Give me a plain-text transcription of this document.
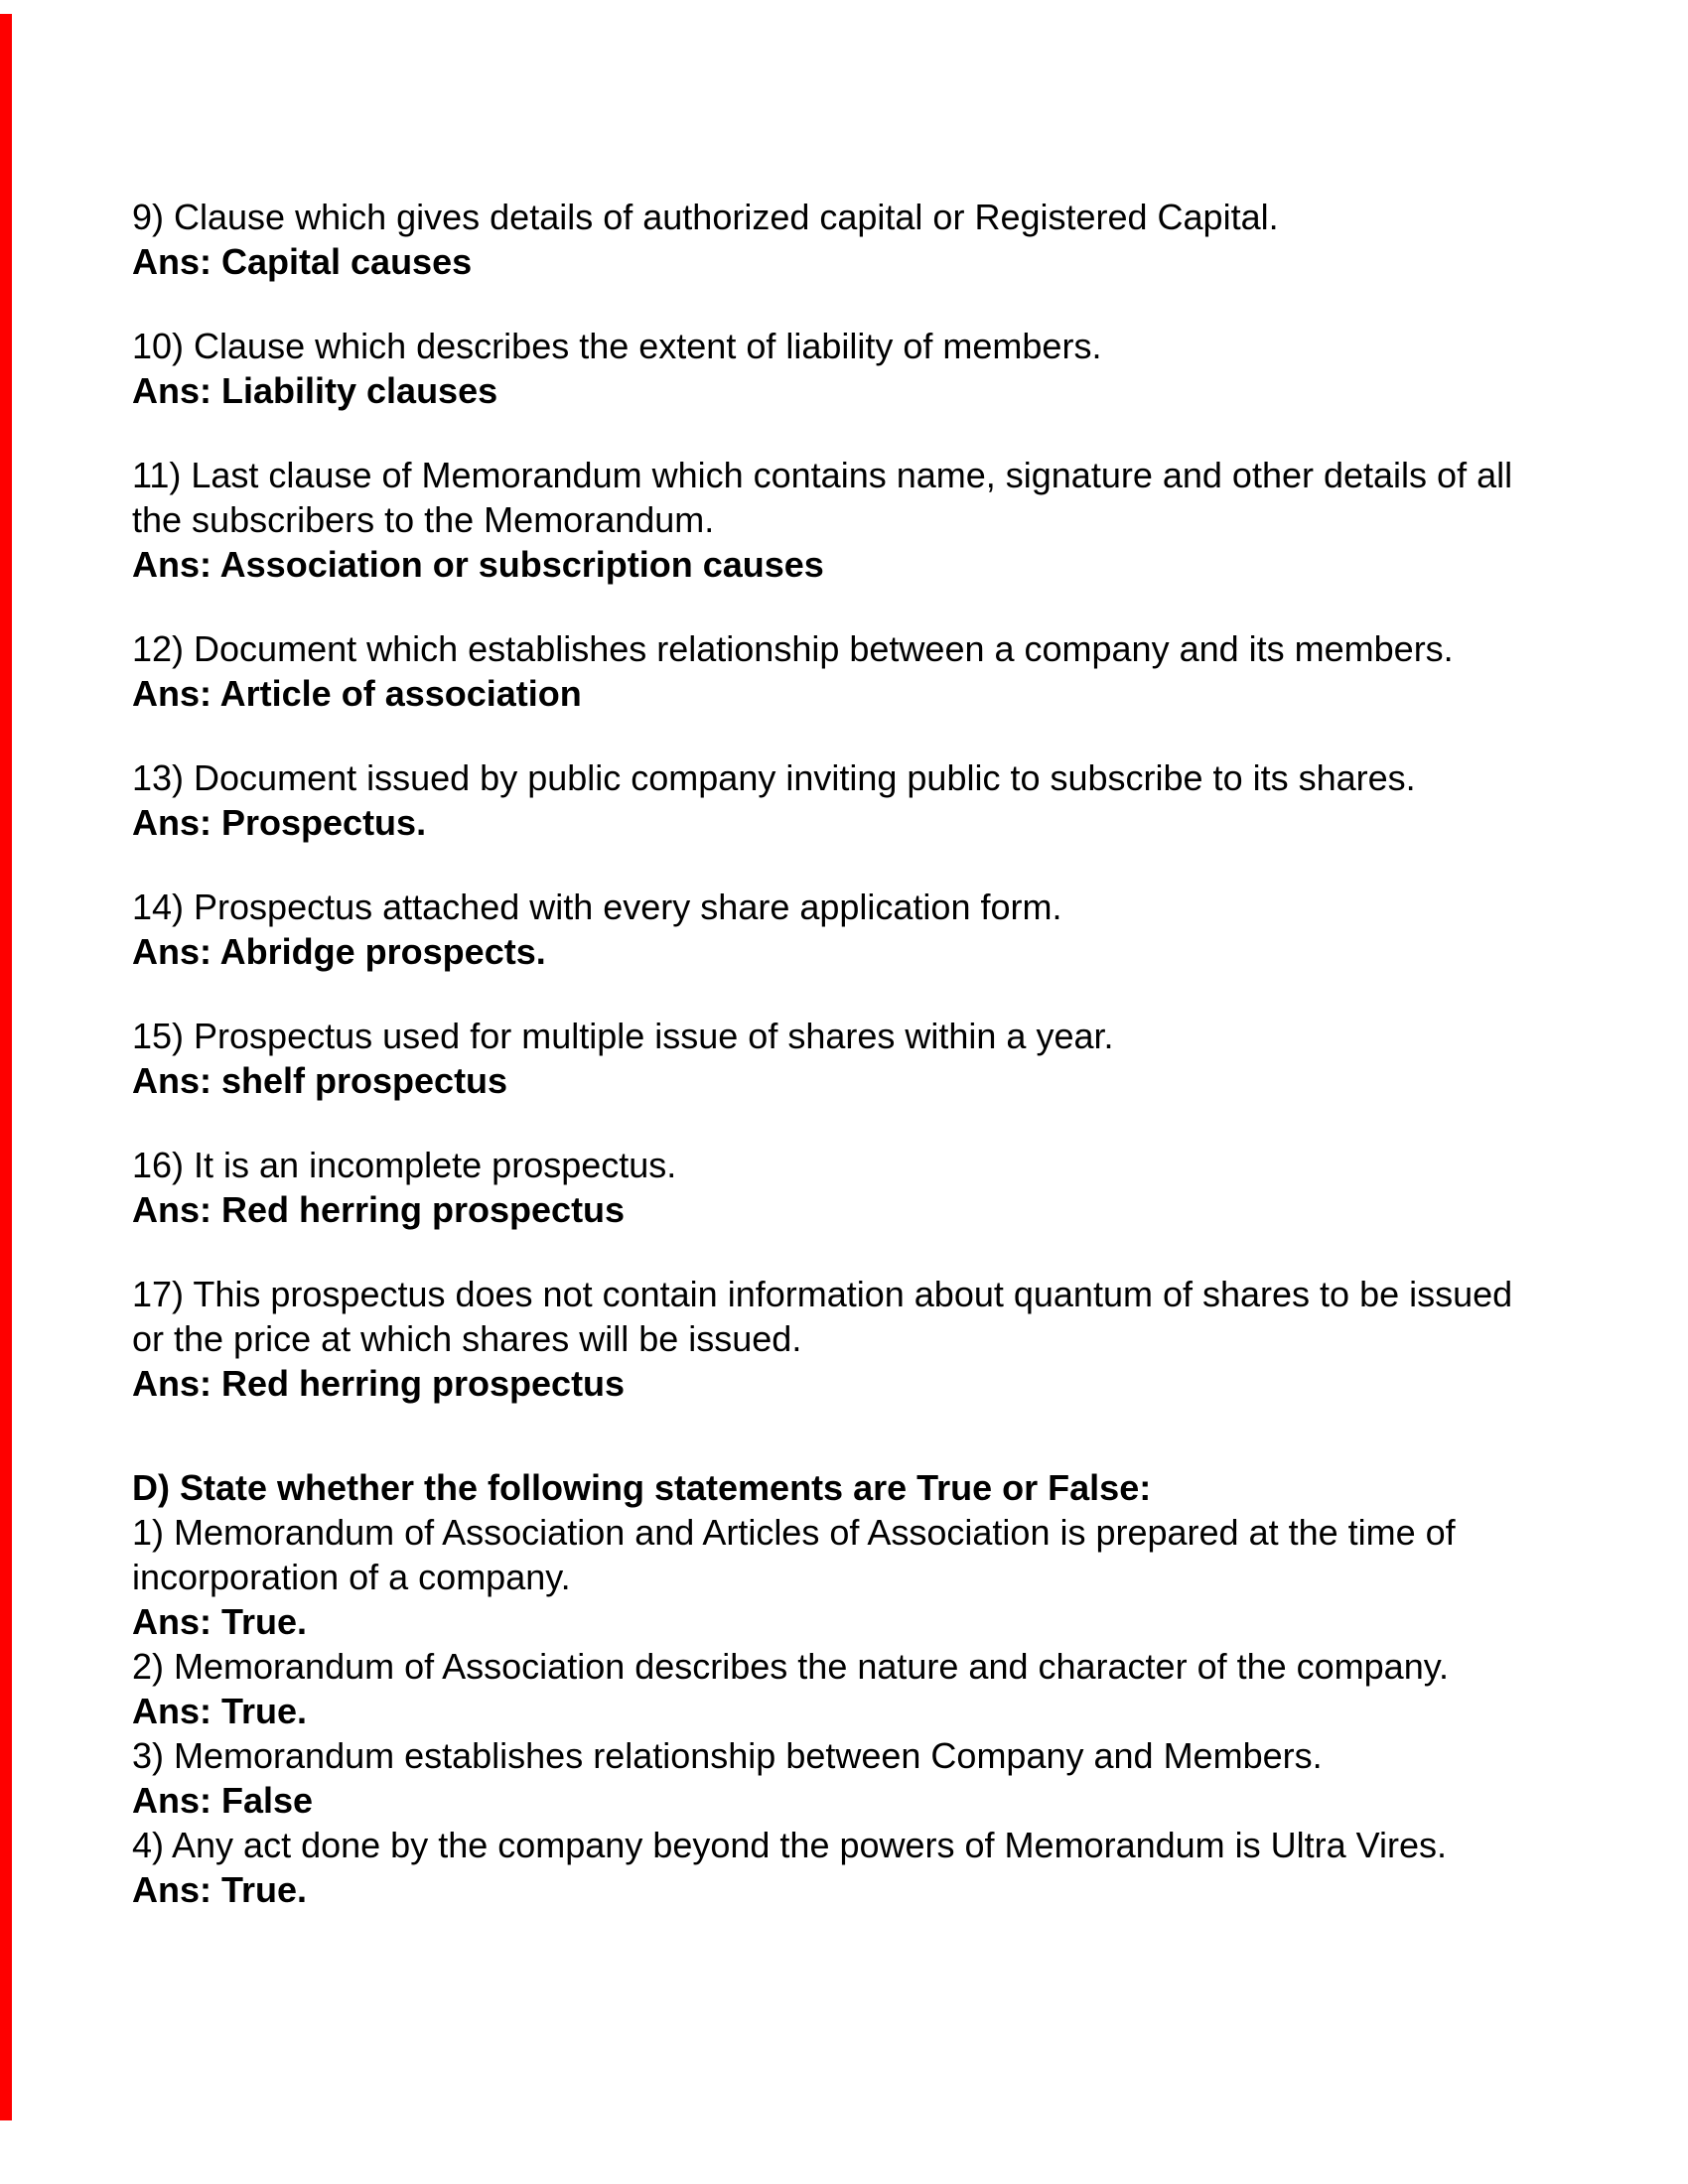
9) Clause which gives details of authorized capital or Registered Capital.

Ans: Capital causes

10) Clause which describes the extent of liability of members.

Ans: Liability clauses

11) Last clause of Memorandum which contains name, signature and other details of all the subscribers to the Memorandum.

Ans: Association or subscription causes

12) Document which establishes relationship between a company and its members.

Ans: Article of association

13) Document issued by public company inviting public to subscribe to its shares.

Ans: Prospectus.

14) Prospectus attached with every share application form.

Ans: Abridge prospects.

15) Prospectus used for multiple issue of shares within a year.

Ans: shelf prospectus

16) It is an incomplete prospectus.

Ans: Red herring prospectus

17) This prospectus does not contain information about quantum of shares to be issued or the price at which shares will be issued.

Ans: Red herring prospectus

D) State whether the following statements are True or False:

1) Memorandum of Association and Articles of Association is prepared at the time of incorporation of a company.

Ans: True.

2) Memorandum of Association describes the nature and character of the company.

Ans: True.

3) Memorandum establishes relationship between Company and Members.

Ans: False

4) Any act done by the company beyond the powers of Memorandum is Ultra Vires.

Ans: True.
